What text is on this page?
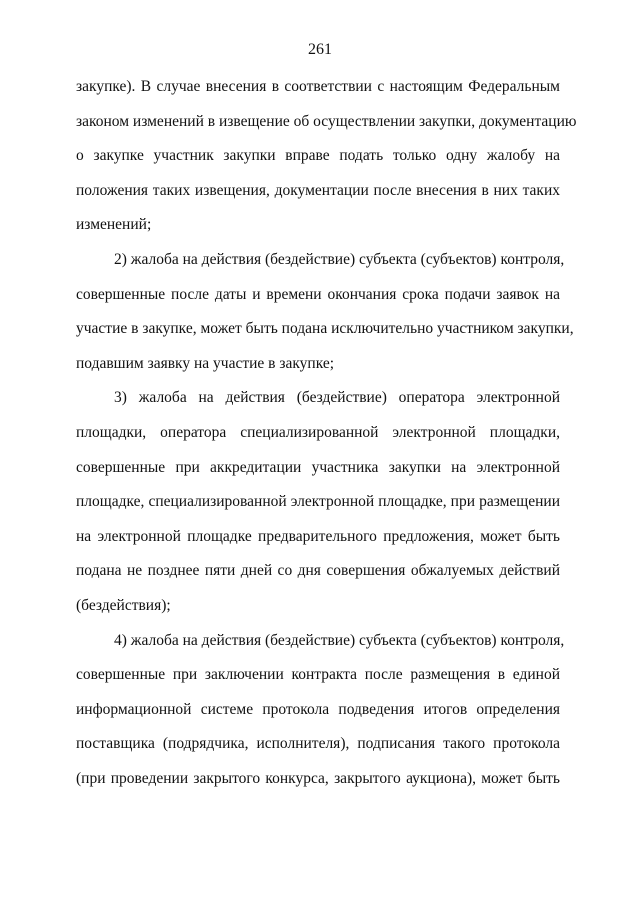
261
закупке). В случае внесения в соответствии с настоящим Федеральным
законом изменений в извещение об осуществлении закупки, документацию
о закупке участник закупки вправе подать только одну жалобу на
положения таких извещения, документации после внесения в них таких
изменений;
2) жалоба на действия (бездействие) субъекта (субъектов) контроля,
совершенные после даты и времени окончания срока подачи заявок на
участие в закупке, может быть подана исключительно участником закупки,
подавшим заявку на участие в закупке;
3) жалоба на действия (бездействие) оператора электронной
площадки, оператора специализированной электронной площадки,
совершенные при аккредитации участника закупки на электронной
площадке, специализированной электронной площадке, при размещении
на электронной площадке предварительного предложения, может быть
подана не позднее пяти дней со дня совершения обжалуемых действий
(бездействия);
4) жалоба на действия (бездействие) субъекта (субъектов) контроля,
совершенные при заключении контракта после размещения в единой
информационной системе протокола подведения итогов определения
поставщика (подрядчика, исполнителя), подписания такого протокола
(при проведении закрытого конкурса, закрытого аукциона), может быть
